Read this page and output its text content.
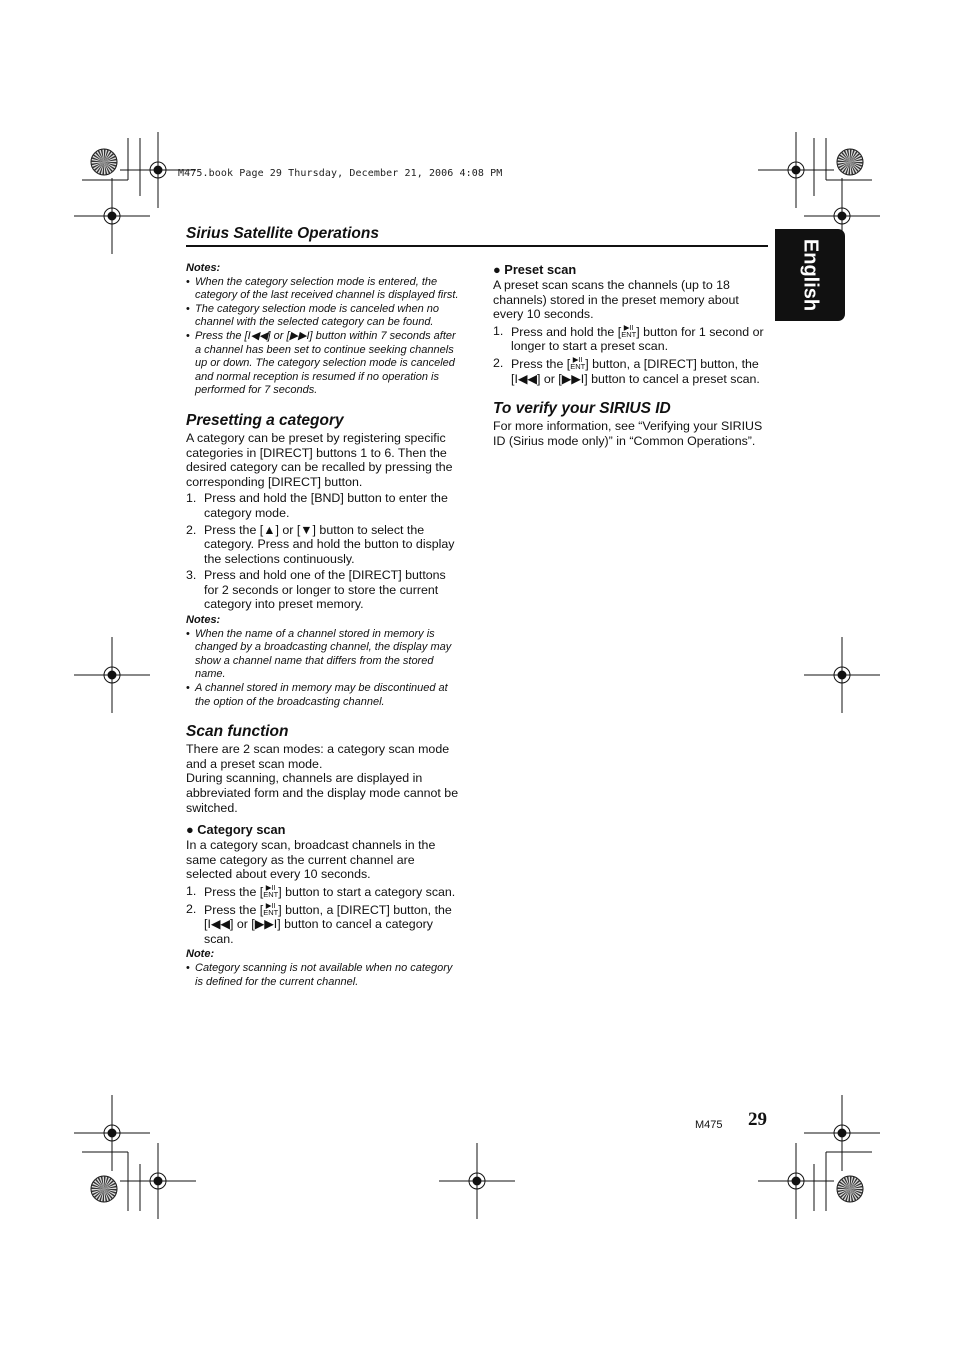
M475.book Page 29 Thursday, December 21, 2006 4:08 PM
Sirius Satellite Operations
English
Notes:
• When the category selection mode is entered, the category of the last received channel is displayed first.
• The category selection mode is canceled when no channel with the selected category can be found.
• Press the [I◀◀] or [▶▶I] button within 7 seconds after a channel has been set to continue seeking channels up or down. The category selection mode is canceled and normal reception is resumed if no operation is performed for 7 seconds.
Presetting a category

A category can be preset by registering specific categories in [DIRECT] buttons 1 to 6. Then the desired category can be recalled by pressing the corresponding [DIRECT] button.

1. Press and hold the [BND] button to enter the category mode.
2. Press the [▲] or [▼] button to select the category. Press and hold the button to display the selections continuously.
3. Press and hold one of the [DIRECT] buttons for 2 seconds or longer to store the current category into preset memory.
Notes:
• When the name of a channel stored in memory is changed by a broadcasting channel, the display may show a channel name that differs from the stored name.
• A channel stored in memory may be discontinued at the option of the broadcasting channel.
Scan function

There are 2 scan modes: a category scan mode and a preset scan mode.

During scanning, channels are displayed in abbreviated form and the display mode cannot be switched.

● Category scan

In a category scan, broadcast channels in the same category as the current channel are selected about every 10 seconds.

1. Press the [ ▶II
ENT] button to start a category scan.
2. Press the [ ▶II
ENT] button, a [DIRECT] button, the [I◀◀] or [▶▶I] button to cancel a category scan.
Note:
• Category scanning is not available when no category is defined for the current channel.
● Preset scan

A preset scan scans the channels (up to 18 channels) stored in the preset memory about every 10 seconds.

1. Press and hold the [ ▶II
ENT] button for 1 second or longer to start a preset scan.
2. Press the [ ▶II
ENT] button, a [DIRECT] button, the [I◀◀] or [▶▶I] button to cancel a preset scan.
To verify your SIRIUS ID

For more information, see “Verifying your SIRIUS ID (Sirius mode only)” in “Common Operations”.

M475 29
